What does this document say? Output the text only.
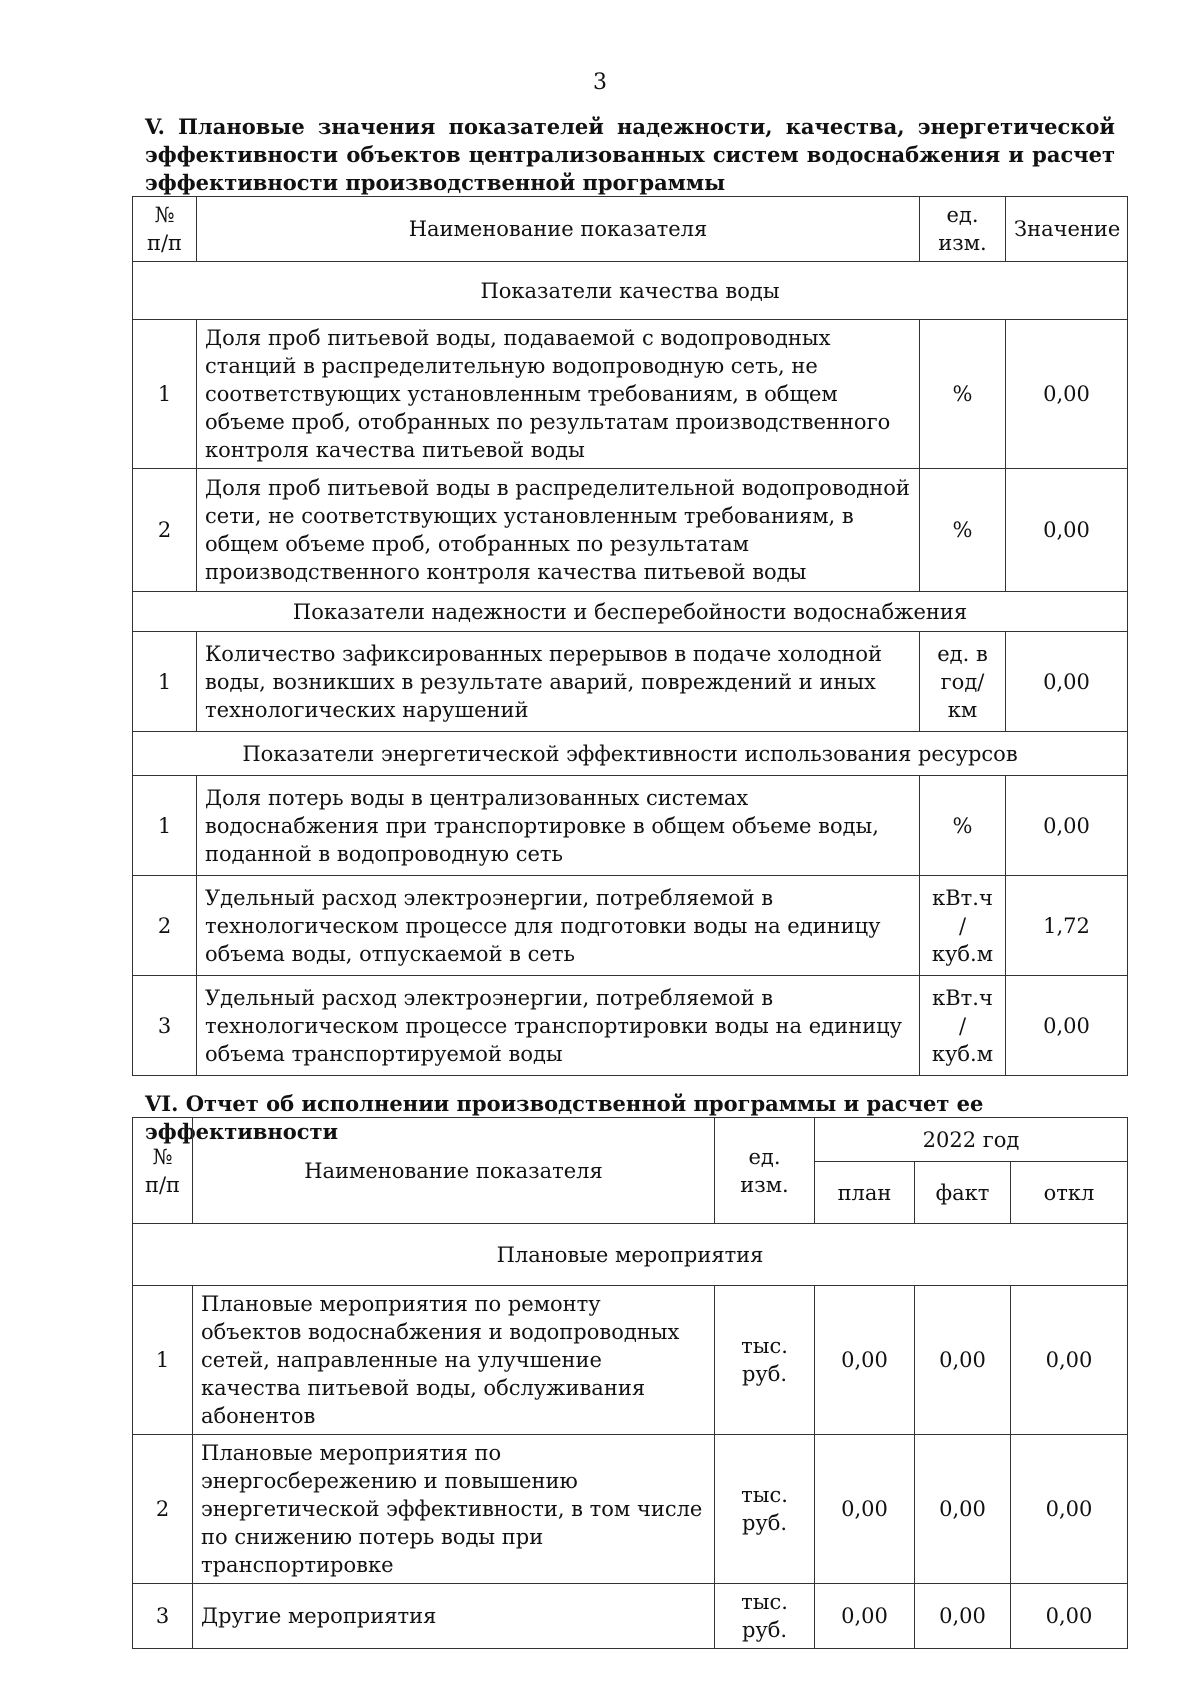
3
V. Плановые значения показателей надежности, качества, энергетической эффективности объектов централизованных систем водоснабжения и расчет эффективности производственной программы
№ п/п	Наименование показателя	ед. изм.	Значение
Показатели качества воды			
1	Доля проб питьевой воды, подаваемой с водопроводных станций в распределительную водопроводную сеть, не соответствующих установленным требованиям, в общем объеме проб, отобранных по результатам производственного контроля качества питьевой воды	%	0,00
2	Доля проб питьевой воды в распределительной водопроводной сети, не соответствующих установленным требованиям, в общем объеме проб, отобранных по результатам производственного контроля качества питьевой воды	%	0,00
Показатели надежности и бесперебойности водоснабжения			
1	Количество зафиксированных перерывов в подаче холодной воды, возникших в результате аварий, повреждений и иных технологических нарушений	ед. в год/ км	0,00
Показатели энергетической эффективности использования ресурсов			
1	Доля потерь воды в централизованных системах водоснабжения при транспортировке в общем объеме воды, поданной в водопроводную сеть	%	0,00
2	Удельный расход электроэнергии, потребляемой в технологическом процессе для подготовки воды на единицу объема воды, отпускаемой в сеть	кВт.ч / куб.м	1,72
3	Удельный расход электроэнергии, потребляемой в технологическом процессе транспортировки воды на единицу объема транспортируемой воды	кВт.ч / куб.м	0,00
VI. Отчет об исполнении производственной программы и расчет ее эффективности
№ п/п	Наименование показателя	ед. изм.	2022 год		
			план	факт	откл
Плановые мероприятия					
1	Плановые мероприятия по ремонту объектов водоснабжения и водопроводных сетей, направленные на улучшение качества питьевой воды, обслуживания абонентов	тыс. руб.	0,00	0,00	0,00
2	Плановые мероприятия по энергосбережению и повышению энергетической эффективности, в том числе по снижению потерь воды при транспортировке	тыс. руб.	0,00	0,00	0,00
3	Другие мероприятия	тыс. руб.	0,00	0,00	0,00
